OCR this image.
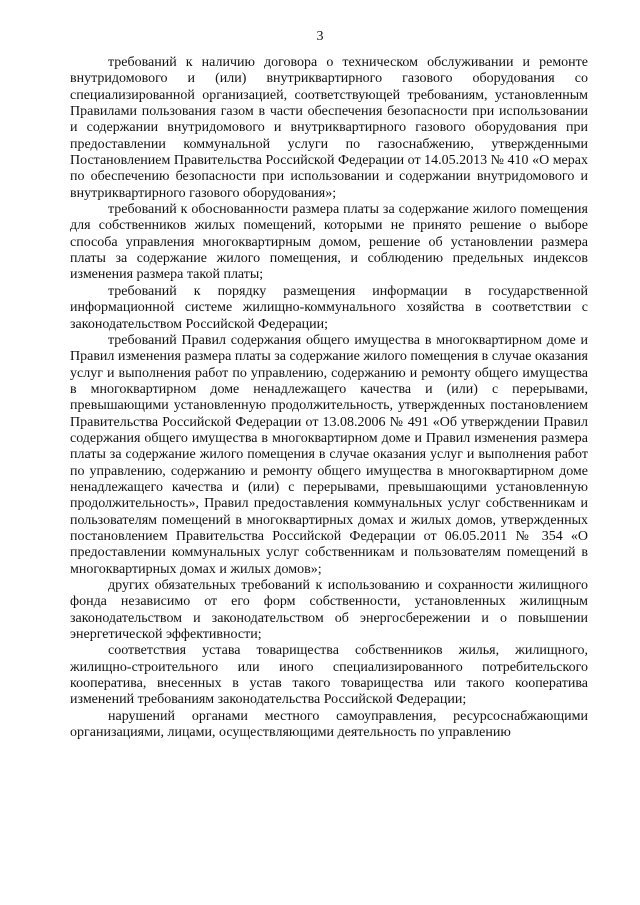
3

требований к наличию договора о техническом обслуживании и ремонте внутридомового и (или) внутриквартирного газового оборудования со специализированной организацией, соответствующей требованиям, установленным Правилами пользования газом в части обеспечения безопасности при использовании и содержании внутридомового и внутриквартирного газового оборудования при предоставлении коммунальной услуги по газоснабжению, утвержденными Постановлением Правительства Российской Федерации от 14.05.2013 № 410 «О мерах по обеспечению безопасности при использовании и содержании внутридомового и внутриквартирного газового оборудования»;

требований к обоснованности размера платы за содержание жилого помещения для собственников жилых помещений, которыми не принято решение о выборе способа управления многоквартирным домом, решение об установлении размера платы за содержание жилого помещения, и соблюдению предельных индексов изменения размера такой платы;

требований к порядку размещения информации в государственной информационной системе жилищно-коммунального хозяйства в соответствии с законодательством Российской Федерации;

требований Правил содержания общего имущества в многоквартирном доме и Правил изменения размера платы за содержание жилого помещения в случае оказания услуг и выполнения работ по управлению, содержанию и ремонту общего имущества в многоквартирном доме ненадлежащего качества и (или) с перерывами, превышающими установленную продолжительность, утвержденных постановлением Правительства Российской Федерации от 13.08.2006 № 491 «Об утверждении Правил содержания общего имущества в многоквартирном доме и Правил изменения размера платы за содержание жилого помещения в случае оказания услуг и выполнения работ по управлению, содержанию и ремонту общего имущества в многоквартирном доме ненадлежащего качества и (или) с перерывами, превышающими установленную продолжительность», Правил предоставления коммунальных услуг собственникам и пользователям помещений в многоквартирных домах и жилых домов, утвержденных постановлением Правительства Российской Федерации от 06.05.2011 № 354 «О предоставлении коммунальных услуг собственникам и пользователям помещений в многоквартирных домах и жилых домов»;

других обязательных требований к использованию и сохранности жилищного фонда независимо от его форм собственности, установленных жилищным законодательством и законодательством об энергосбережении и о повышении энергетической эффективности;

соответствия устава товарищества собственников жилья, жилищного, жилищно-строительного или иного специализированного потребительского кооператива, внесенных в устав такого товарищества или такого кооператива изменений требованиям законодательства Российской Федерации;

нарушений органами местного самоуправления, ресурсоснабжающими организациями, лицами, осуществляющими деятельность по управлению
